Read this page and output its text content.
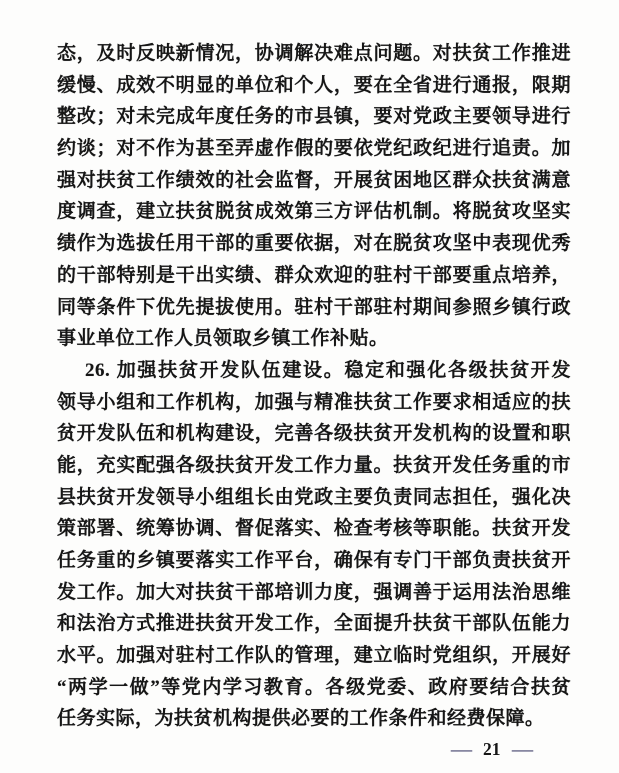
态，及时反映新情况，协调解决难点问题。对扶贫工作推进
缓慢、成效不明显的单位和个人，要在全省进行通报，限期
整改；对未完成年度任务的市县镇，要对党政主要领导进行
约谈；对不作为甚至弄虚作假的要依党纪政纪进行追责。加
强对扶贫工作绩效的社会监督，开展贫困地区群众扶贫满意
度调查，建立扶贫脱贫成效第三方评估机制。将脱贫攻坚实
绩作为选拔任用干部的重要依据，对在脱贫攻坚中表现优秀
的干部特别是干出实绩、群众欢迎的驻村干部要重点培养，
同等条件下优先提拔使用。驻村干部驻村期间参照乡镇行政
事业单位工作人员领取乡镇工作补贴。
26. 加强扶贫开发队伍建设。稳定和强化各级扶贫开发
领导小组和工作机构，加强与精准扶贫工作要求相适应的扶
贫开发队伍和机构建设，完善各级扶贫开发机构的设置和职
能，充实配强各级扶贫开发工作力量。扶贫开发任务重的市
县扶贫开发领导小组组长由党政主要负责同志担任，强化决
策部署、统筹协调、督促落实、检查考核等职能。扶贫开发
任务重的乡镇要落实工作平台，确保有专门干部负责扶贫开
发工作。加大对扶贫干部培训力度，强调善于运用法治思维
和法治方式推进扶贫开发工作，全面提升扶贫干部队伍能力
水平。加强对驻村工作队的管理，建立临时党组织，开展好
“两学一做”等党内学习教育。各级党委、政府要结合扶贫
任务实际，为扶贫机构提供必要的工作条件和经费保障。
— 21 —
